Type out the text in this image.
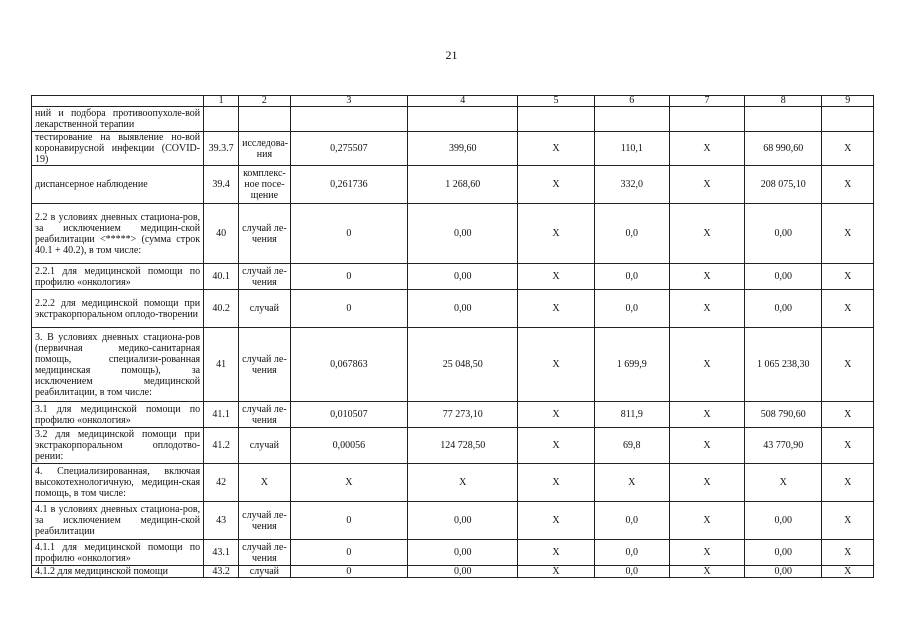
21
	1	2	3	4	5	6	7	8	9
ний и подбора противоопухоле-вой лекарственной терапии									
тестирование на выявление но-вой коронавирусной инфекции (COVID-19)	39.3.7	исследова-ния	0,275507	399,60	Х	110,1	Х	68 990,60	Х
диспансерное наблюдение	39.4	комплекс-ное посе-щение	0,261736	1 268,60	Х	332,0	Х	208 075,10	Х
2.2 в условиях дневных стациона-ров, за исключением медицин-ской реабилитации <*****> (сумма строк 40.1 + 40.2), в том числе:	40	случай ле-чения	0	0,00	Х	0,0	Х	0,00	Х
2.2.1 для медицинской помощи по профилю «онкология»	40.1	случай ле-чения	0	0,00	Х	0,0	Х	0,00	Х
2.2.2 для медицинской помощи при экстракорпоральном оплодо-творении	40.2	случай	0	0,00	Х	0,0	Х	0,00	Х
3. В условиях дневных стациона-ров (первичная медико-санитарная помощь, специализи-рованная медицинская помощь), за исключением медицинской реабилитации, в том числе:	41	случай ле-чения	0,067863	25 048,50	Х	1 699,9	Х	1 065 238,30	Х
3.1 для медицинской помощи по профилю «онкология»	41.1	случай ле-чения	0,010507	77 273,10	Х	811,9	Х	508 790,60	Х
3.2 для медицинской помощи при экстракорпоральном оплодотво-рении:	41.2	случай	0,00056	124 728,50	Х	69,8	Х	43 770,90	Х
4. Специализированная, включая высокотехнологичную, медицин-ская помощь, в том числе:	42	Х	Х	Х	Х	Х	Х	Х	Х
4.1 в условиях дневных стациона-ров, за исключением медицин-ской реабилитации	43	случай ле-чения	0	0,00	Х	0,0	Х	0,00	Х
4.1.1 для медицинской помощи по профилю «онкология»	43.1	случай ле-чения	0	0,00	Х	0,0	Х	0,00	Х
4.1.2 для медицинской помощи	43.2	случай	0	0,00	Х	0,0	Х	0,00	Х
